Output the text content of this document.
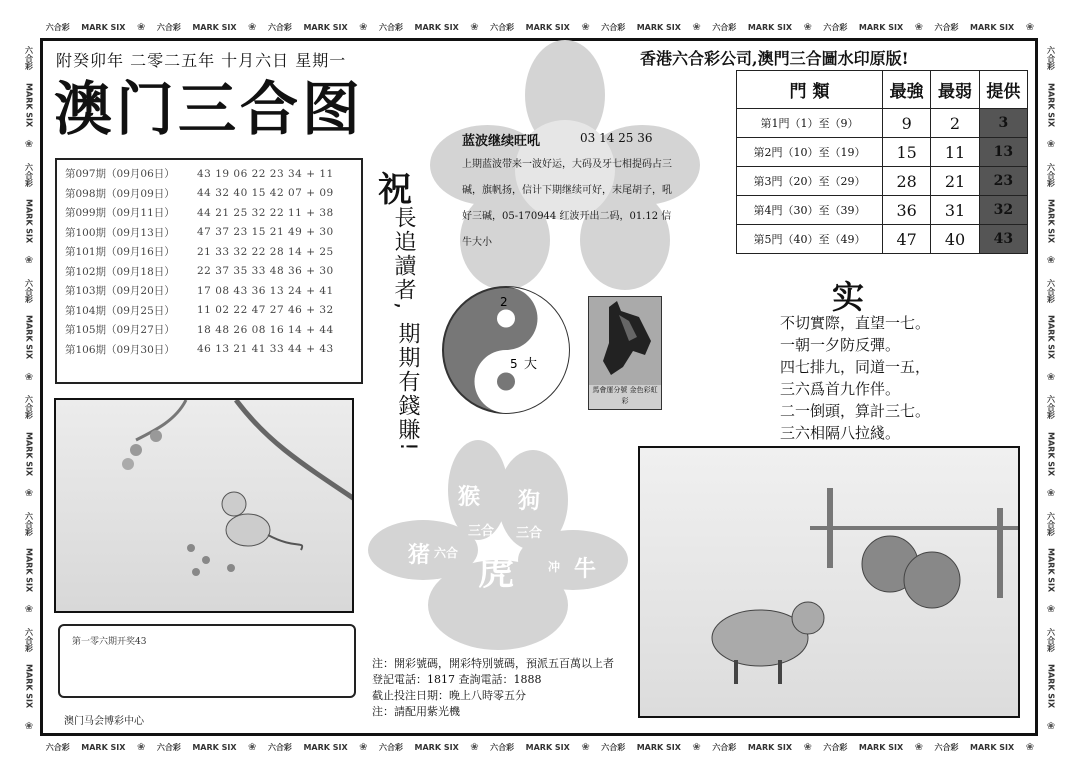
六合彩	MARK SIX	❀	六合彩	MARK SIX	❀	六合彩	MARK SIX	❀	六合彩	MARK SIX	❀	六合彩	MARK SIX	❀	六合彩	MARK SIX	❀	六合彩	MARK SIX	❀	六合彩	MARK SIX	❀	六合彩	MARK SIX	❀
六合彩	MARK SIX	❀	六合彩	MARK SIX	❀	六合彩	MARK SIX	❀	六合彩	MARK SIX	❀	六合彩	MARK SIX	❀	六合彩	MARK SIX	❀	六合彩	MARK SIX	❀	六合彩	MARK SIX	❀	六合彩	MARK SIX	❀
六合彩
MARK SIX
❀
六合彩
MARK SIX
❀
六合彩
MARK SIX
❀
六合彩
MARK SIX
❀
六合彩
MARK SIX
❀
六合彩
MARK SIX
❀
六合彩
MARK SIX
❀
六合彩
MARK SIX
❀
六合彩
MARK SIX
❀
六合彩
MARK SIX
❀
六合彩
MARK SIX
❀
六合彩
MARK SIX
❀
附癸卯年 二零二五年 十月六日 星期一
澳门三合图
香港六合彩公司,澳門三合圖水印原版!
第097期（09月06日）	43 19 06 22 23 34 + 11
第098期（09月09日）	44 32 40 15 42 07 + 09
第099期（09月11日）	44 21 25 32 22 11 + 38
第100期（09月13日）	47 37 23 15 21 49 + 30
第101期（09月16日）	21 33 32 22 28 14 + 25
第102期（09月18日）	22 37 35 33 48 36 + 30
第103期（09月20日）	17 08 43 36 13 24 + 41
第104期（09月25日）	11 02 22 47 27 46 + 32
第105期（09月27日）	18 48 26 08 16 14 + 44
第106期（09月30日）	46 13 21 41 33 44 + 43
祝
長追讀者,
期期有錢賺!
蓝波继续旺吼	03 14 25 36
上期蓝波带来一波好运，大码及牙七相提码占三碱，旗帆扬，信计下期继续可好，末尾胡子，吼好三碱，05-170944 红波开出二码，01.12 信牛大小
門 類	最強	最弱	提供
第1門（1）至（9）	9	2	3
第2門（10）至（19）	15	11	13
第3門（20）至（29）	28	21	23
第4門（30）至（39）	36	31	32
第5門（40）至（49）	47	40	43
实
不切實際，直望一七。
一朝一夕防反彈。
四七排九，同道一五，
三六爲首九作伴。
二一倒頭，算計三七。
三六相隔八拉綫。
2
5 大
馬會運分號 金色彩虹彩
猴 狗
三合 三合
猪 六合 虎	冲 牛
第一零六期开奖43
澳门马会博彩中心
注：開彩號碼，開彩特別號碼，預派五百萬以上者
登記電話：1817 查詢電話：1888
截止投注日期：晚上八時零五分
注：請配用紫光機
